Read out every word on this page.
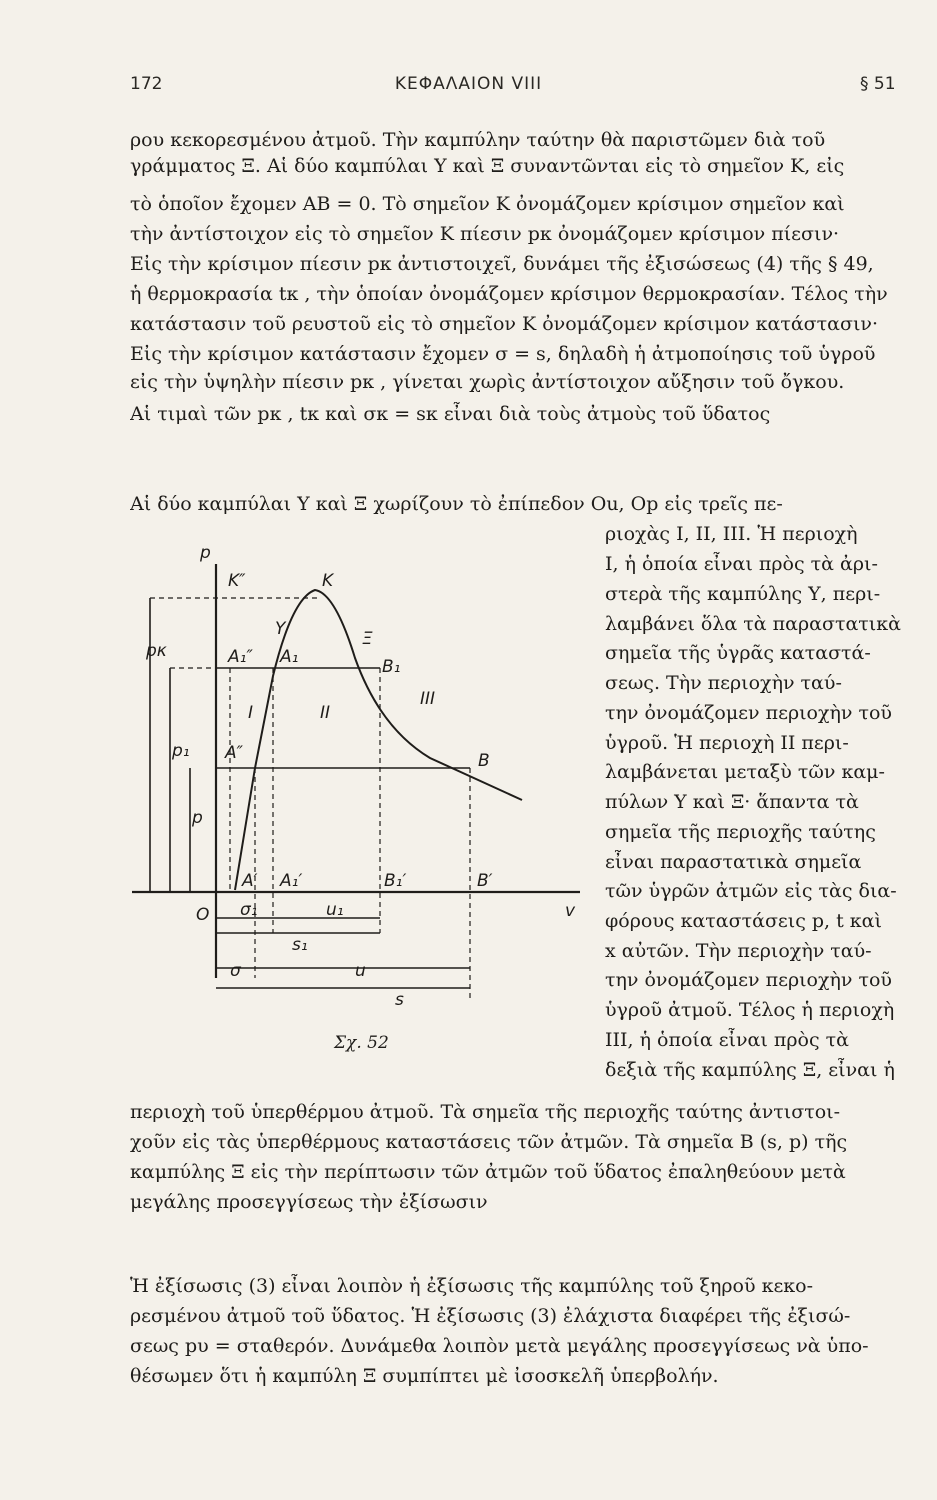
172	ΚΕΦΑΛΑΙΟΝ VIII	§ 51
ρου κεκορεσμένου ἀτμοῦ. Τὴν καμπύλην ταύτην θὰ παριστῶμεν διὰ τοῦ
γράμματος Ξ. Αἱ δύο καμπύλαι Υ καὶ Ξ συναντῶνται εἰς τὸ σημεῖον Κ, εἰς
τὸ ὁποῖον ἔχομεν AB = 0. Τὸ σημεῖον Κ ὀνομάζομεν κρίσιμον σημεῖον καὶ
τὴν ἀντίστοιχον εἰς τὸ σημεῖον Κ πίεσιν pκ ὀνομάζομεν κρίσιμον πίεσιν·
Εἰς τὴν κρίσιμον πίεσιν pκ ἀντιστοιχεῖ, δυνάμει τῆς ἐξισώσεως (4) τῆς § 49,
ἡ θερμοκρασία tκ , τὴν ὁποίαν ὀνομάζομεν κρίσιμον θερμοκρασίαν. Τέλος τὴν
κατάστασιν τοῦ ρευστοῦ εἰς τὸ σημεῖον Κ ὀνομάζομεν κρίσιμον κατάστασιν·
Εἰς τὴν κρίσιμον κατάστασιν ἔχομεν σ = s, δηλαδὴ ἡ ἀτμοποίησις τοῦ ὑγροῦ
εἰς τὴν ὑψηλὴν πίεσιν pκ , γίνεται χωρὶς ἀντίστοιχον αὔξησιν τοῦ ὄγκου.
Αἱ τιμαὶ τῶν pκ , tκ καὶ σκ = sκ εἶναι διὰ τοὺς ἀτμοὺς τοῦ ὕδατος
Αἱ δύο καμπύλαι Υ καὶ Ξ χωρίζουν τὸ ἐπίπεδον Ou, Op εἰς τρεῖς πε-
ριοχὰς I, II, III. Ἡ περιοχὴ
I, ἡ ὁποία εἶναι πρὸς τὰ ἀρι-
στερὰ τῆς καμπύλης Υ, περι-
λαμβάνει ὅλα τὰ παραστατικὰ
σημεῖα τῆς ὑγρᾶς καταστά-
σεως. Τὴν περιοχὴν ταύ-
την ὀνομάζομεν περιοχὴν τοῦ
ὑγροῦ. Ἡ περιοχὴ II περι-
λαμβάνεται μεταξὺ τῶν καμ-
πύλων Υ καὶ Ξ· ἅπαντα τὰ
σημεῖα τῆς περιοχῆς ταύτης
εἶναι παραστατικὰ σημεῖα
τῶν ὑγρῶν ἀτμῶν εἰς τὰς δια-
φόρους καταστάσεις p, t καὶ
x αὐτῶν. Τὴν περιοχὴν ταύ-
την ὀνομάζομεν περιοχὴν τοῦ
ὑγροῦ ἀτμοῦ. Τέλος ἡ περιοχὴ
III, ἡ ὁποία εἶναι πρὸς τὰ
δεξιὰ τῆς καμπύλης Ξ, εἶναι ἡ
p
v
O
K″	K
Y	Ξ
A₁″ A₁	B₁
III
I	II
A″	B
A′ A₁′	B₁′	B′
pκ
p₁
p
σ₁	u₁
s₁
σ	u
s
Σχ. 52
περιοχὴ τοῦ ὑπερθέρμου ἀτμοῦ. Τὰ σημεῖα τῆς περιοχῆς ταύτης ἀντιστοι-
χοῦν εἰς τὰς ὑπερθέρμους καταστάσεις τῶν ἀτμῶν. Τὰ σημεῖα B (s, p) τῆς
καμπύλης Ξ εἰς τὴν περίπτωσιν τῶν ἀτμῶν τοῦ ὕδατος ἐπαληθεύουν μετὰ
μεγάλης προσεγγίσεως τὴν ἐξίσωσιν
Ἡ ἐξίσωσις (3) εἶναι λοιπὸν ἡ ἐξίσωσις τῆς καμπύλης τοῦ ξηροῦ κεκο-
ρεσμένου ἀτμοῦ τοῦ ὕδατος. Ἡ ἐξίσωσις (3) ἐλάχιστα διαφέρει τῆς ἐξισώ-
σεως pυ = σταθερόν. Δυνάμεθα λοιπὸν μετὰ μεγάλης προσεγγίσεως νὰ ὑπο-
θέσωμεν ὅτι ἡ καμπύλη Ξ συμπίπτει μὲ ἰσοσκελῆ ὑπερβολήν.
